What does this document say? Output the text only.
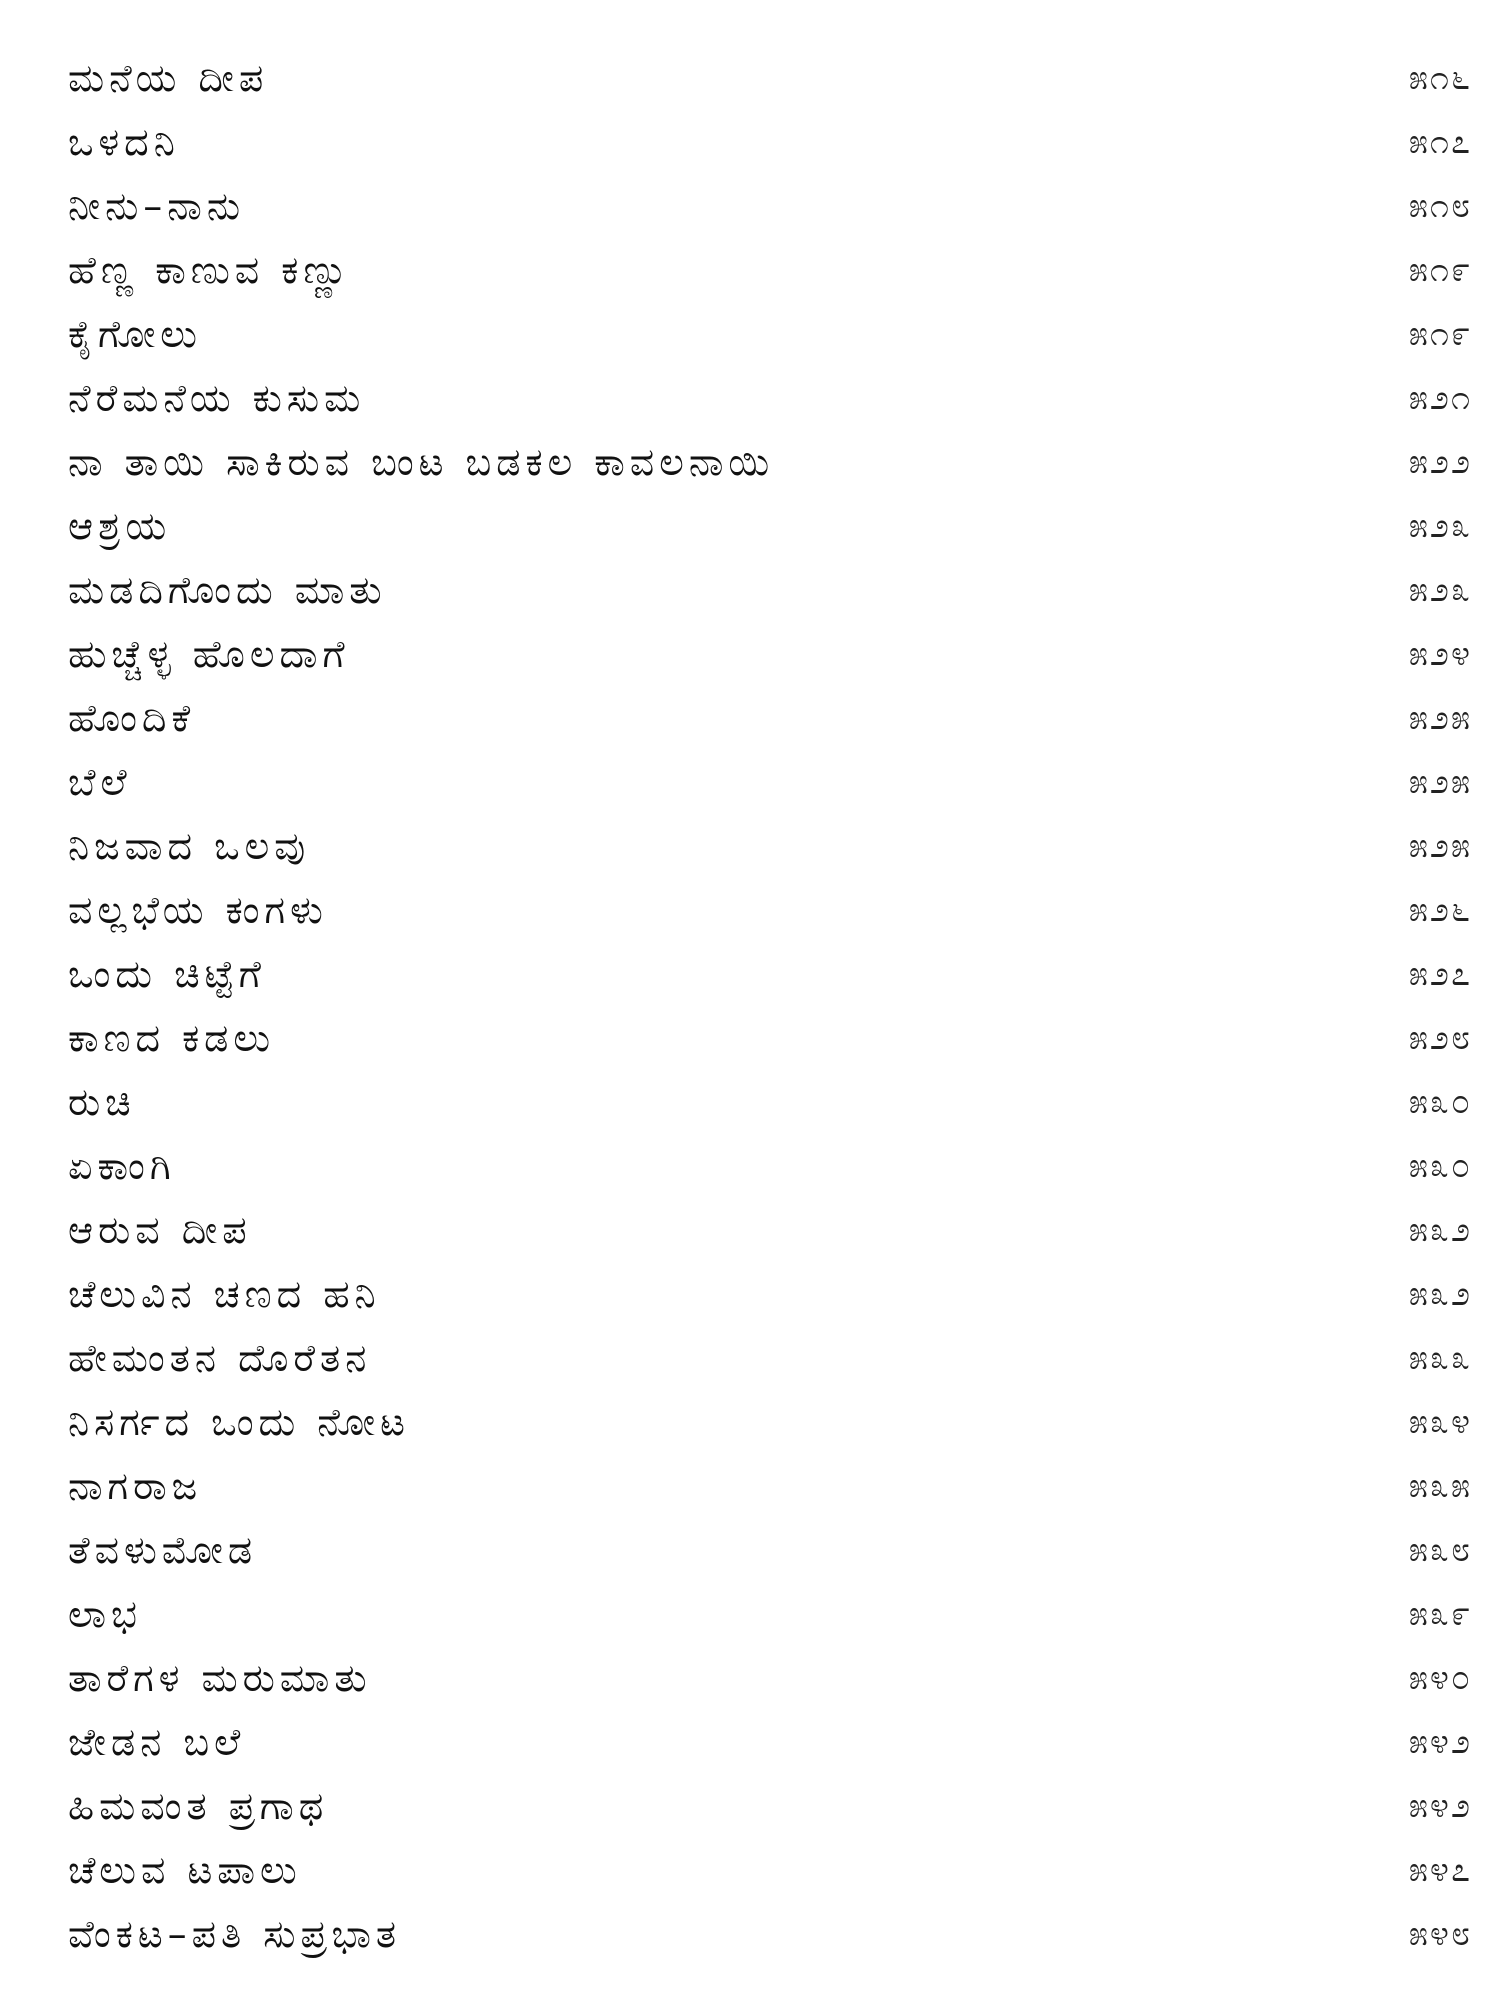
ಮನೆಯ ದೀಪ	೫೧೬
ಒಳದನಿ	೫೧೭
ನೀನು–ನಾನು	೫೧೮
ಹೆಣ್ಣ ಕಾಣುವ ಕಣ್ಣು	೫೧೯
ಕೈಗೋಲು	೫೧೯
ನೆರೆಮನೆಯ ಕುಸುಮ	೫೨೧
ನಾ ತಾಯಿ ಸಾಕಿರುವ ಬಂಟ ಬಡಕಲ ಕಾವಲನಾಯಿ	೫೨೨
ಆಶ್ರಯ	೫೨೩
ಮಡದಿಗೊಂದು ಮಾತು	೫೨೩
ಹುಚ್ಚೆಳ್ಳ ಹೊಲದಾಗೆ	೫೨೪
ಹೊಂದಿಕೆ	೫೨೫
ಬೆಲೆ	೫೨೫
ನಿಜವಾದ ಒಲವು	೫೨೫
ವಲ್ಲಭೆಯ ಕಂಗಳು	೫೨೬
ಒಂದು ಚಿಟ್ಟೆಗೆ	೫೨೭
ಕಾಣದ ಕಡಲು	೫೨೮
ರುಚಿ	೫೩೦
ಏಕಾಂಗಿ	೫೩೦
ಆರುವ ದೀಪ	೫೩೨
ಚೆಲುವಿನ ಚಣದ ಹನಿ	೫೩೨
ಹೇಮಂತನ ದೊರೆತನ	೫೩೩
ನಿಸರ್ಗದ ಒಂದು ನೋಟ	೫೩೪
ನಾಗರಾಜ	೫೩೫
ತೆವಳುಮೋಡ	೫೩೮
ಲಾಭ	೫೩೯
ತಾರೆಗಳ ಮರುಮಾತು	೫೪೦
ಜೇಡನ ಬಲೆ	೫೪೨
ಹಿಮವಂತ ಪ್ರಗಾಥ	೫೪೨
ಚೆಲುವ ಟಪಾಲು	೫೪೭
ವೆಂಕಟ–ಪತಿ ಸುಪ್ರಭಾತ	೫೪೮
